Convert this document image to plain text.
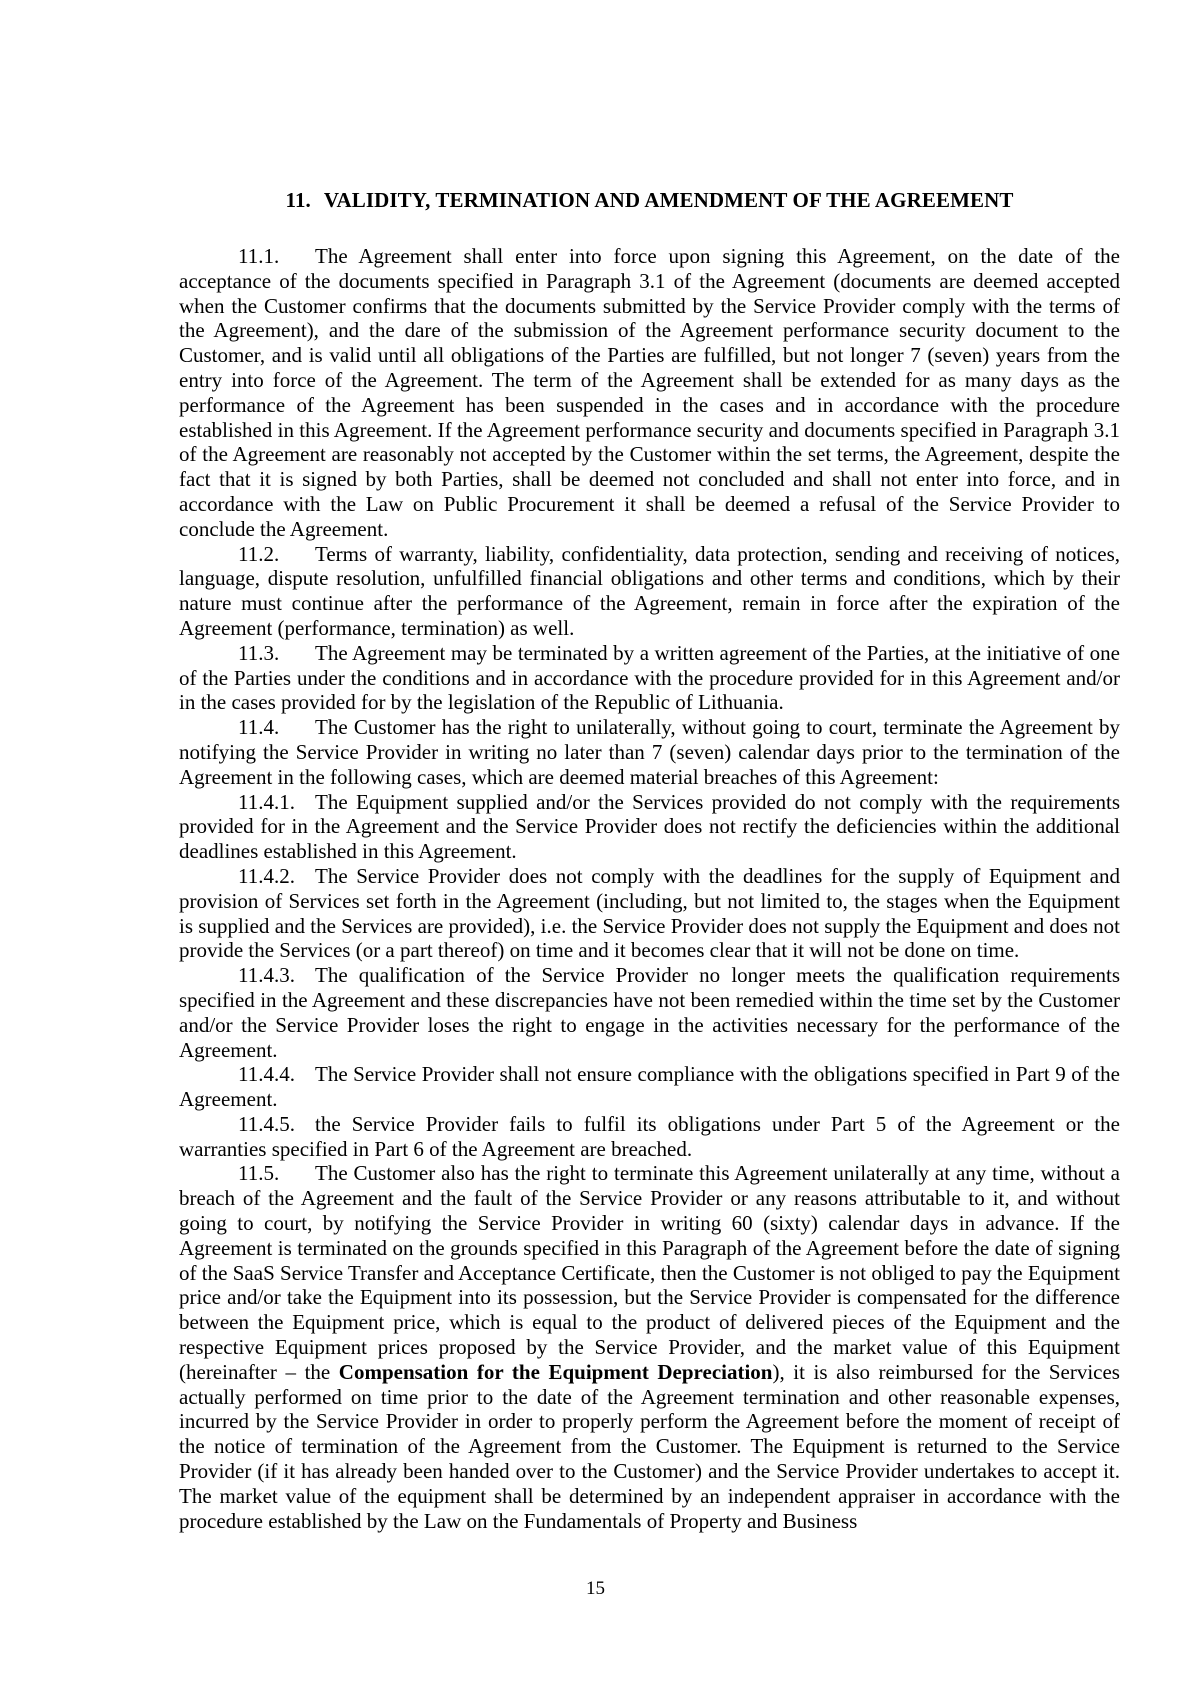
11. VALIDITY, TERMINATION AND AMENDMENT OF THE AGREEMENT

11.1. The Agreement shall enter into force upon signing this Agreement, on the date of the acceptance of the documents specified in Paragraph 3.1 of the Agreement (documents are deemed accepted when the Customer confirms that the documents submitted by the Service Provider comply with the terms of the Agreement), and the dare of the submission of the Agreement performance security document to the Customer, and is valid until all obligations of the Parties are fulfilled, but not longer 7 (seven) years from the entry into force of the Agreement. The term of the Agreement shall be extended for as many days as the performance of the Agreement has been suspended in the cases and in accordance with the procedure established in this Agreement. If the Agreement performance security and documents specified in Paragraph 3.1 of the Agreement are reasonably not accepted by the Customer within the set terms, the Agreement, despite the fact that it is signed by both Parties, shall be deemed not concluded and shall not enter into force, and in accordance with the Law on Public Procurement it shall be deemed a refusal of the Service Provider to conclude the Agreement.

11.2. Terms of warranty, liability, confidentiality, data protection, sending and receiving of notices, language, dispute resolution, unfulfilled financial obligations and other terms and conditions, which by their nature must continue after the performance of the Agreement, remain in force after the expiration of the Agreement (performance, termination) as well.

11.3. The Agreement may be terminated by a written agreement of the Parties, at the initiative of one of the Parties under the conditions and in accordance with the procedure provided for in this Agreement and/or in the cases provided for by the legislation of the Republic of Lithuania.

11.4. The Customer has the right to unilaterally, without going to court, terminate the Agreement by notifying the Service Provider in writing no later than 7 (seven) calendar days prior to the termination of the Agreement in the following cases, which are deemed material breaches of this Agreement:

11.4.1. The Equipment supplied and/or the Services provided do not comply with the requirements provided for in the Agreement and the Service Provider does not rectify the deficiencies within the additional deadlines established in this Agreement.

11.4.2. The Service Provider does not comply with the deadlines for the supply of Equipment and provision of Services set forth in the Agreement (including, but not limited to, the stages when the Equipment is supplied and the Services are provided), i.e. the Service Provider does not supply the Equipment and does not provide the Services (or a part thereof) on time and it becomes clear that it will not be done on time.

11.4.3. The qualification of the Service Provider no longer meets the qualification requirements specified in the Agreement and these discrepancies have not been remedied within the time set by the Customer and/or the Service Provider loses the right to engage in the activities necessary for the performance of the Agreement.

11.4.4. The Service Provider shall not ensure compliance with the obligations specified in Part 9 of the Agreement.

11.4.5. the Service Provider fails to fulfil its obligations under Part 5 of the Agreement or the warranties specified in Part 6 of the Agreement are breached.

11.5. The Customer also has the right to terminate this Agreement unilaterally at any time, without a breach of the Agreement and the fault of the Service Provider or any reasons attributable to it, and without going to court, by notifying the Service Provider in writing 60 (sixty) calendar days in advance. If the Agreement is terminated on the grounds specified in this Paragraph of the Agreement before the date of signing of the SaaS Service Transfer and Acceptance Certificate, then the Customer is not obliged to pay the Equipment price and/or take the Equipment into its possession, but the Service Provider is compensated for the difference between the Equipment price, which is equal to the product of delivered pieces of the Equipment and the respective Equipment prices proposed by the Service Provider, and the market value of this Equipment (hereinafter – the Compensation for the Equipment Depreciation), it is also reimbursed for the Services actually performed on time prior to the date of the Agreement termination and other reasonable expenses, incurred by the Service Provider in order to properly perform the Agreement before the moment of receipt of the notice of termination of the Agreement from the Customer. The Equipment is returned to the Service Provider (if it has already been handed over to the Customer) and the Service Provider undertakes to accept it. The market value of the equipment shall be determined by an independent appraiser in accordance with the procedure established by the Law on the Fundamentals of Property and Business

15
